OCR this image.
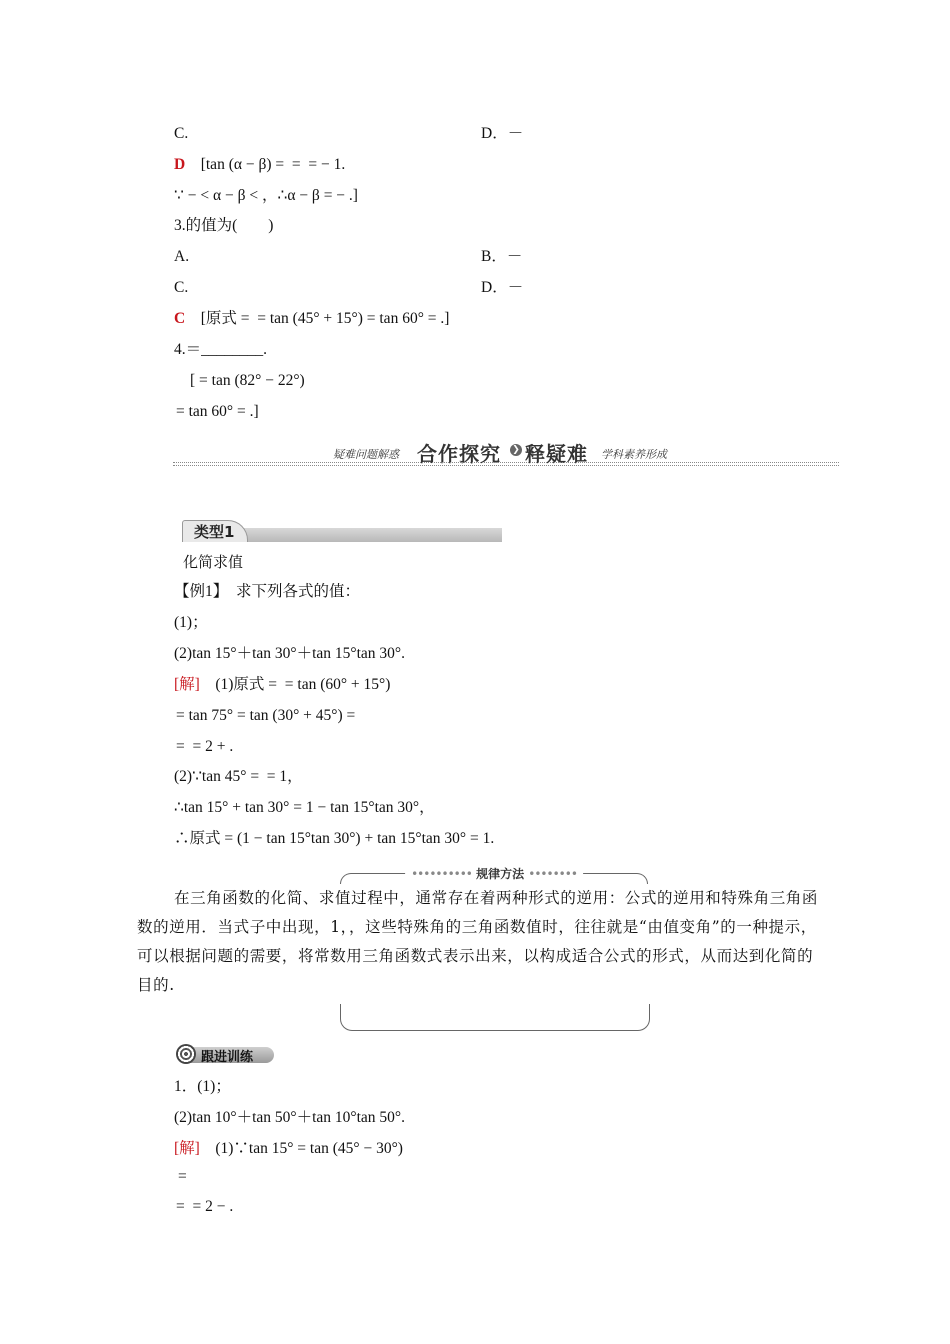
C.	D．－
D　 [tan (α − β) =  =  = − 1.
∵ − < α − β < ，∴α − β = − .]
3.的值为(　　)
A.	B．－
C.	D．－
C　 [原式 =  = tan (45° + 15°) = tan 60° = .]
4.＝________.
[ = tan (82° − 22°)
= tan 60° = .]
疑难问题解惑 合作探究 ❯ 释疑难 学科素养形成
类型1
化简求值
【例1】　求下列各式的值：
(1)；
(2)tan 15°＋tan 30°＋tan 15°tan 30°.
[解]　(1)原式 =  = tan (60° + 15°)
= tan 75° = tan (30° + 45°) =
=  = 2 + .
(2)∵tan 45° =  = 1，
∴tan 15° + tan 30° = 1 − tan 15°tan 30°，
∴原式 = (1 − tan 15°tan 30°) + tan 15°tan 30° = 1.
•••••••••• 规律方法 ••••••••
在三角函数的化简、求值过程中，通常存在着两种形式的逆用：公式的逆用和特殊角三角函数的逆用．当式子中出现，1，，这些特殊角的三角函数值时，往往就是“由值变角”的一种提示，可以根据问题的需要，将常数用三角函数式表示出来，以构成适合公式的形式，从而达到化简的目的.
跟进训练
1．(1)；
(2)tan 10°＋tan 50°＋tan 10°tan 50°.
[解]　(1)∵tan 15° = tan (45° − 30°)
=
=  = 2 − .
